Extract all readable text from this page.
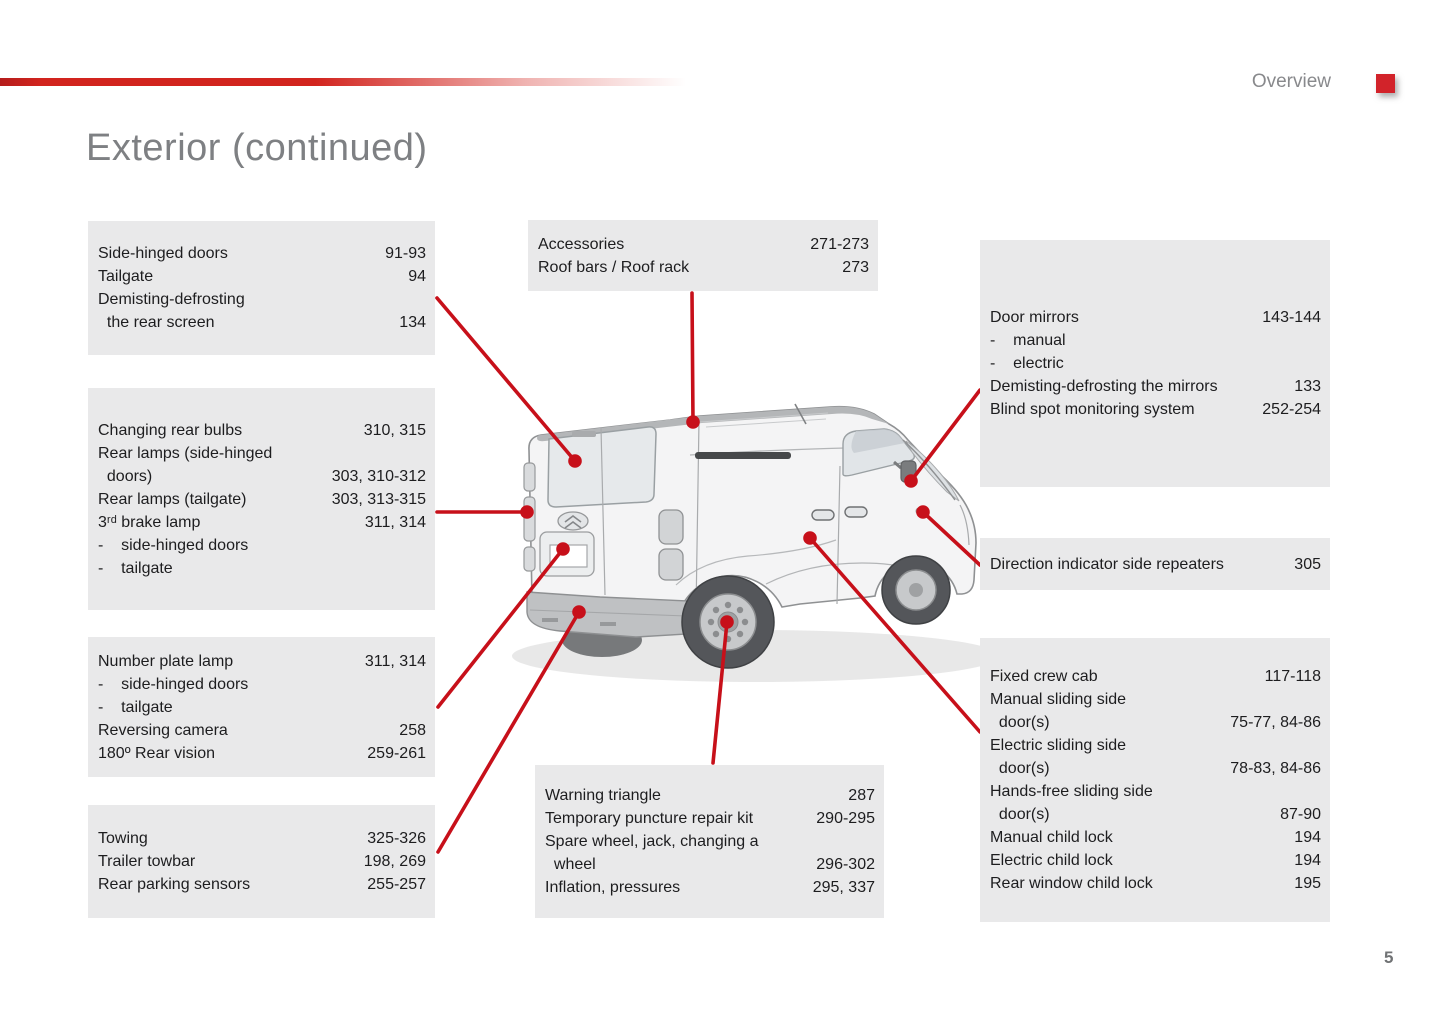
Overview
Exterior (continued)
Side-hinged doors	91-93
Tailgate	94
Demisting-defrosting
the rear screen	134
Changing rear bulbs	310, 315
Rear lamps (side-hinged
doors)	303, 310-312
Rear lamps (tailgate)	303, 313-315
3ʳᵈ brake lamp	311, 314
-    side-hinged doors
-    tailgate
Number plate lamp	311, 314
-    side-hinged doors
-    tailgate
Reversing camera	258
180º Rear vision	259-261
Towing	325-326
Trailer towbar	198, 269
Rear parking sensors	255-257
Accessories	271-273
Roof bars / Roof rack	273
Warning triangle	287
Temporary puncture repair kit	290-295
Spare wheel, jack, changing a
wheel	296-302
Inflation, pressures	295, 337
Door mirrors	143-144
-    manual
-    electric
Demisting-defrosting the mirrors	133
Blind spot monitoring system	252-254
Direction indicator side repeaters	305
Fixed crew cab	117-118
Manual sliding side
door(s)	75-77, 84-86
Electric sliding side
door(s)	78-83, 84-86
Hands-free sliding side
door(s)	87-90
Manual child lock	194
Electric child lock	194
Rear window child lock	195
5
